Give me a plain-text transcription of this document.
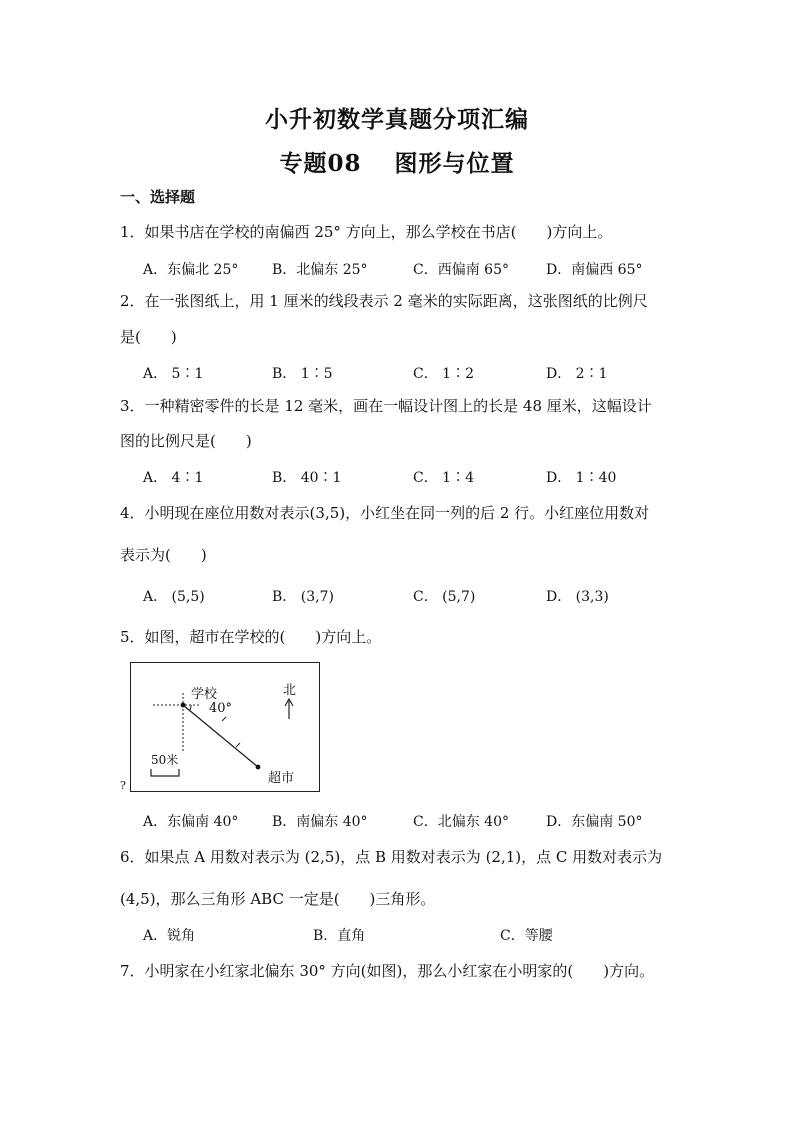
小升初数学真题分项汇编
专题08　 图形与位置
一、选择题
1．如果书店在学校的南偏西 25° 方向上，那么学校在书店(　　)方向上。
A．东偏北 25° B．北偏东 25°	C．西偏南 65°	D．南偏西 65°
2．在一张图纸上，用 1 厘米的线段表示 2 毫米的实际距离，这张图纸的比例尺
是(　　)
A． 5∶1	B． 1∶5	C． 1∶2	D． 2∶1
3．一种精密零件的长是 12 毫米，画在一幅设计图上的长是 48 厘米，这幅设计
图的比例尺是(　　)
A． 4∶1	B． 40∶1	C． 1∶4	D． 1∶40
4．小明现在座位用数对表示(3,5)，小红坐在同一列的后 2 行。小红座位用数对
表示为(　　)
A． (5,5)	B． (3,7)	C． (5,7)	D． (3,3)
5．如图，超市在学校的(　　)方向上。
学校
40°
北
50米
超市
?
A．东偏南 40° B．南偏东 40°	C．北偏东 40°	D．东偏南 50°
6．如果点 A 用数对表示为 (2,5)，点 B 用数对表示为 (2,1)，点 C 用数对表示为
(4,5)，那么三角形 ABC 一定是(　　)三角形。
A．锐角	B．直角	C．等腰
7．小明家在小红家北偏东 30° 方向(如图)，那么小红家在小明家的(　　)方向。
